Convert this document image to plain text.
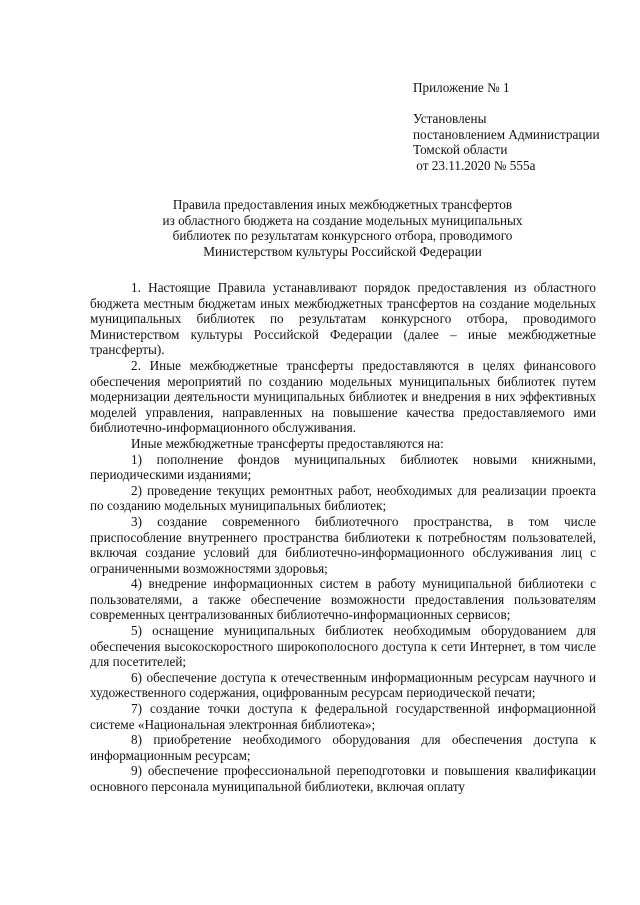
Приложение № 1
Установлены
постановлением Администрации
Томской области
от 23.11.2020 № 555а
Правила предоставления иных межбюджетных трансфертов
из областного бюджета на создание модельных муниципальных
библиотек по результатам конкурсного отбора, проводимого
Министерством культуры Российской Федерации

1. Настоящие Правила устанавливают порядок предоставления из областного бюджета местным бюджетам иных межбюджетных трансфертов на создание модельных муниципальных библиотек по результатам конкурсного отбора, проводимого Министерством культуры Российской Федерации (далее – иные межбюджетные трансферты).

2. Иные межбюджетные трансферты предоставляются в целях финансового обеспечения мероприятий по созданию модельных муниципальных библиотек путем модернизации деятельности муниципальных библиотек и внедрения в них эффективных моделей управления, направленных на повышение качества предоставляемого ими библиотечно-информационного обслуживания.

Иные межбюджетные трансферты предоставляются на:

1) пополнение фондов муниципальных библиотек новыми книжными, периодическими изданиями;

2) проведение текущих ремонтных работ, необходимых для реализации проекта по созданию модельных муниципальных библиотек;

3) создание современного библиотечного пространства, в том числе приспособление внутреннего пространства библиотеки к потребностям пользователей, включая создание условий для библиотечно-информационного обслуживания лиц с ограниченными возможностями здоровья;

4) внедрение информационных систем в работу муниципальной библиотеки с пользователями, а также обеспечение возможности предоставления пользователям современных централизованных библиотечно-информационных сервисов;

5) оснащение муниципальных библиотек необходимым оборудованием для обеспечения высокоскоростного широкополосного доступа к сети Интернет, в том числе для посетителей;

6) обеспечение доступа к отечественным информационным ресурсам научного и художественного содержания, оцифрованным ресурсам периодической печати;

7) создание точки доступа к федеральной государственной информационной системе «Национальная электронная библиотека»;

8) приобретение необходимого оборудования для обеспечения доступа к информационным ресурсам;

9) обеспечение профессиональной переподготовки и повышения квалификации основного персонала муниципальной библиотеки, включая оплату
